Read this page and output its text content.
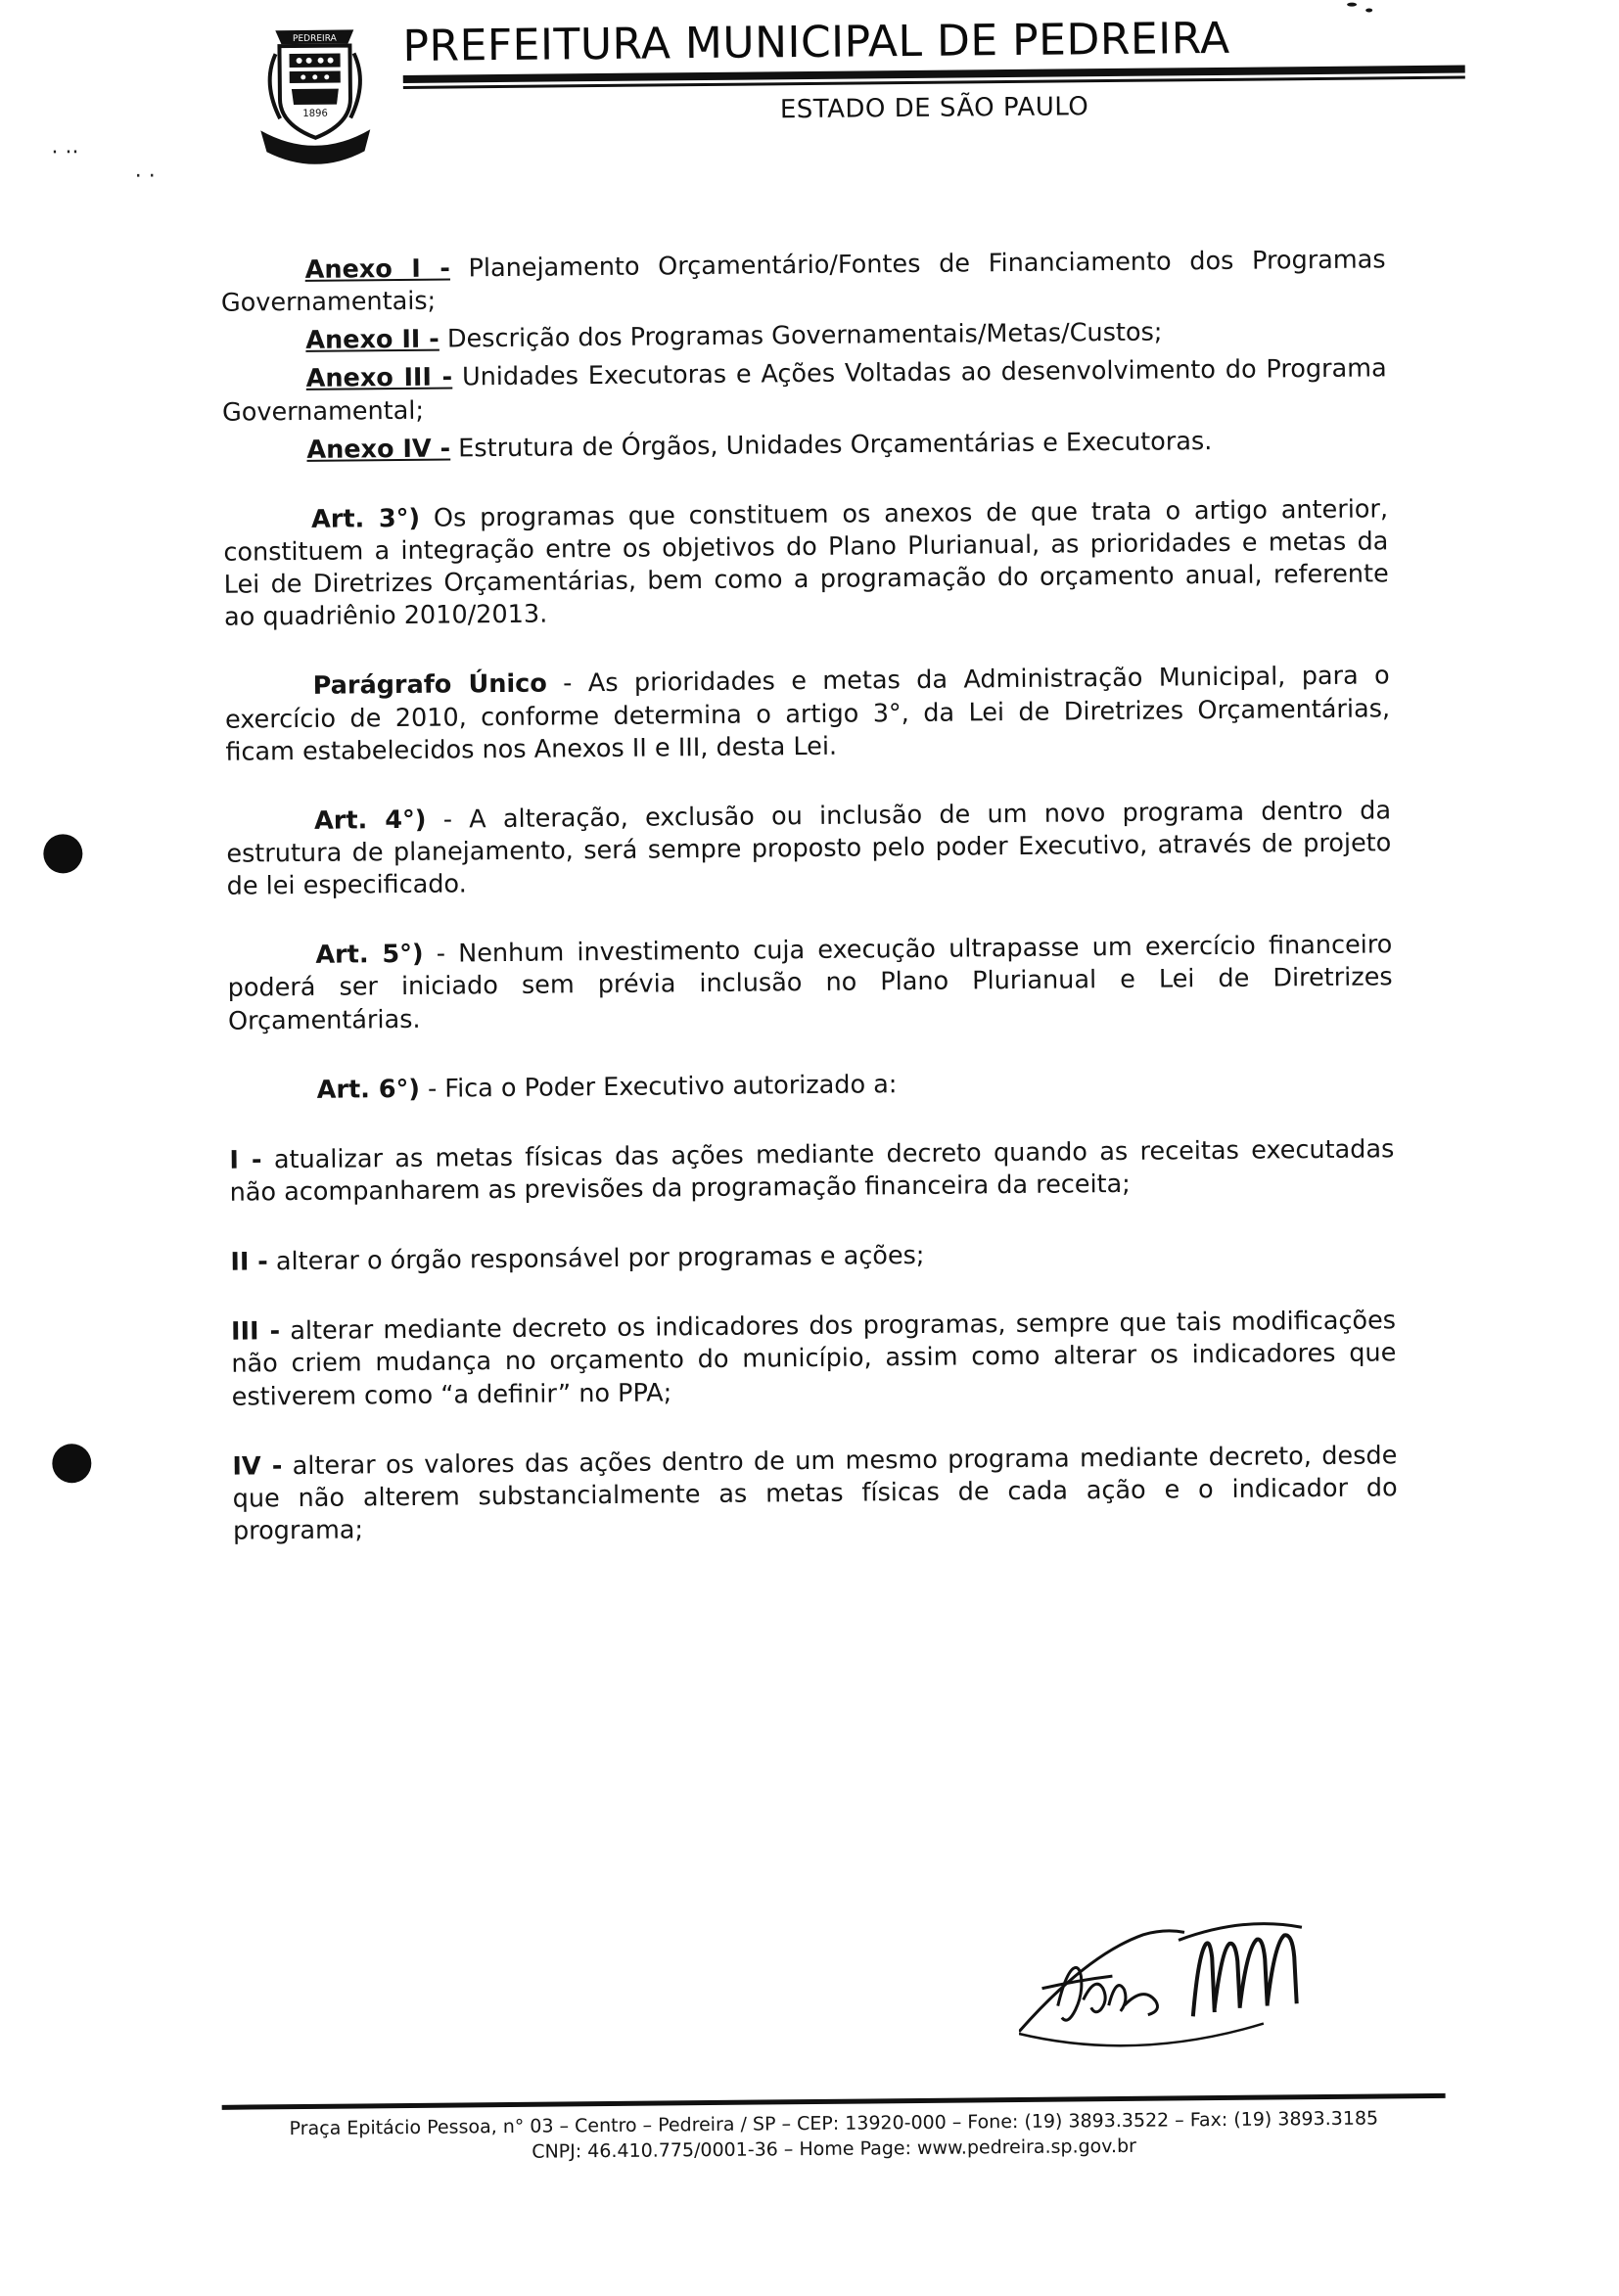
. ..
. .
PEDREIRA
1896
PREFEITURA MUNICIPAL DE PEDREIRA
ESTADO DE SÃO PAULO

Anexo I - Planejamento Orçamentário/Fontes de Financiamento dos Programas Governamentais;

Anexo II - Descrição dos Programas Governamentais/Metas/Custos;

Anexo III - Unidades Executoras e Ações Voltadas ao desenvolvimento do Programa Governamental;

Anexo IV - Estrutura de Órgãos, Unidades Orçamentárias e Executoras.

Art. 3°) Os programas que constituem os anexos de que trata o artigo anterior, constituem a integração entre os objetivos do Plano Plurianual, as prioridades e metas da Lei de Diretrizes Orçamentárias, bem como a programação do orçamento anual, referente ao quadriênio 2010/2013.

Parágrafo Único - As prioridades e metas da Administração Municipal, para o exercício de 2010, conforme determina o artigo 3°, da Lei de Diretrizes Orçamentárias, ficam estabelecidos nos Anexos II e III, desta Lei.

Art. 4°) - A alteração, exclusão ou inclusão de um novo programa dentro da estrutura de planejamento, será sempre proposto pelo poder Executivo, através de projeto de lei especificado.

Art. 5°) - Nenhum investimento cuja execução ultrapasse um exercício financeiro poderá ser iniciado sem prévia inclusão no Plano Plurianual e Lei de Diretrizes Orçamentárias.

Art. 6°) - Fica o Poder Executivo autorizado a:

I - atualizar as metas físicas das ações mediante decreto quando as receitas executadas não acompanharem as previsões da programação financeira da receita;

II - alterar o órgão responsável por programas e ações;

III - alterar mediante decreto os indicadores dos programas, sempre que tais modificações não criem mudança no orçamento do município, assim como alterar os indicadores que estiverem como “a definir” no PPA;

IV - alterar os valores das ações dentro de um mesmo programa mediante decreto, desde que não alterem substancialmente as metas físicas de cada ação e o indicador do programa;

Praça Epitácio Pessoa, n° 03 – Centro – Pedreira / SP – CEP: 13920-000 – Fone: (19) 3893.3522 – Fax: (19) 3893.3185
CNPJ: 46.410.775/0001-36 – Home Page: www.pedreira.sp.gov.br
